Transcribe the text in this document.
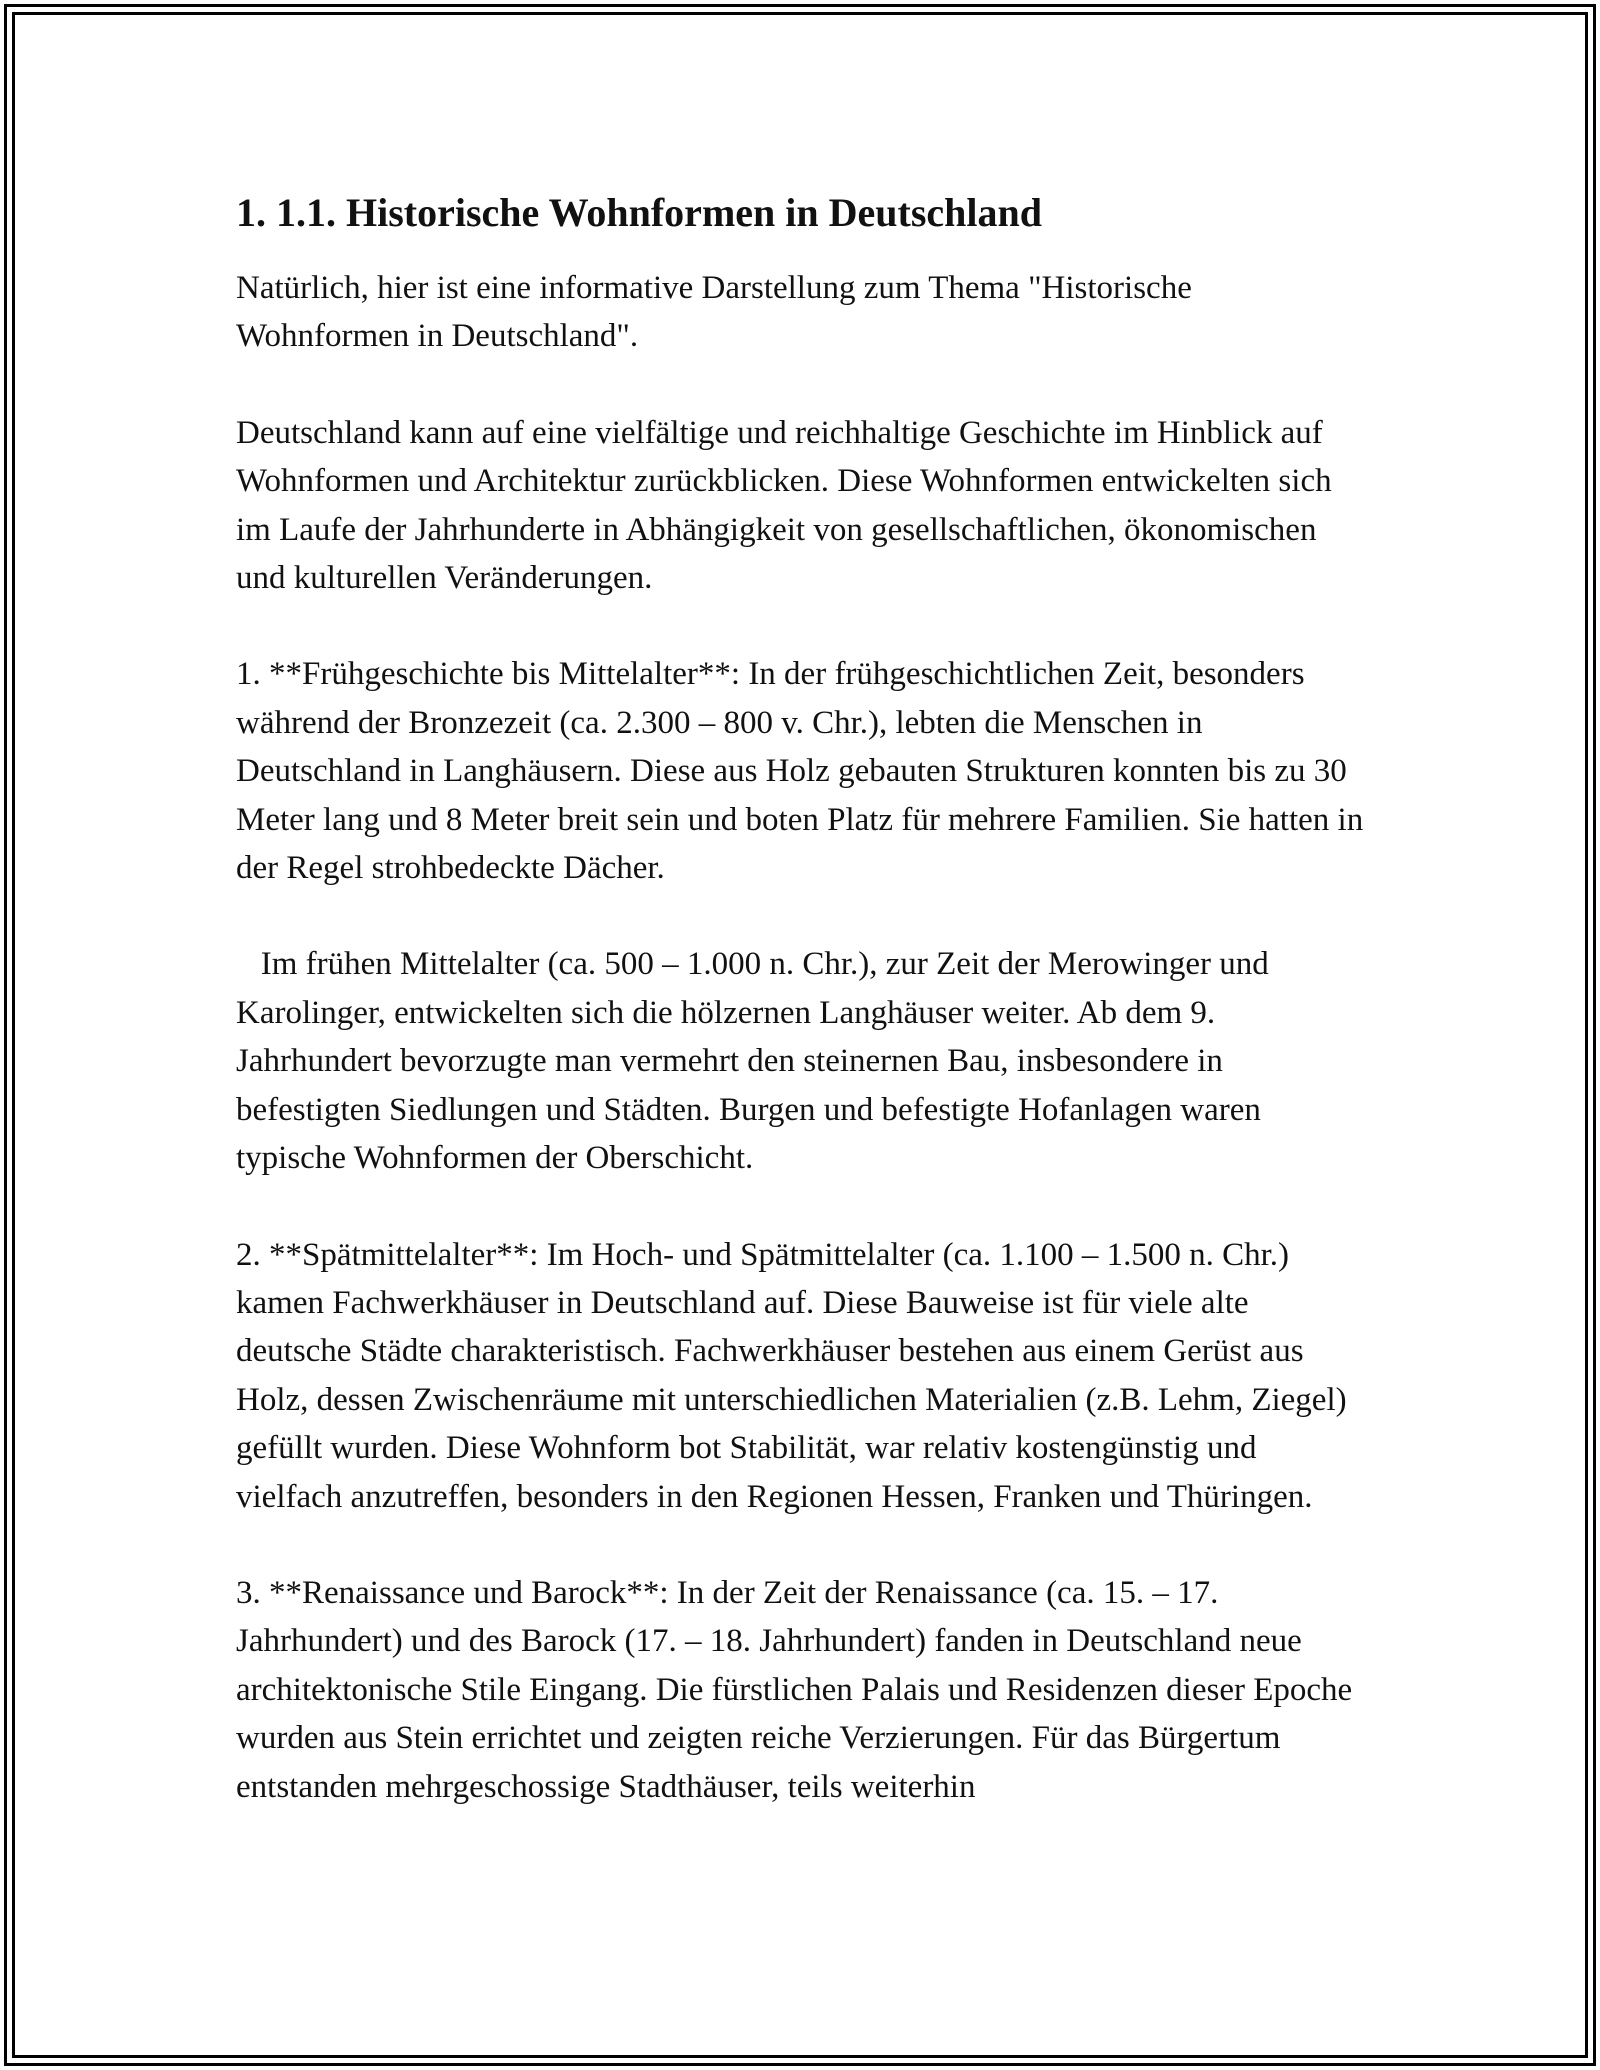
1. 1.1. Historische Wohnformen in Deutschland

Natürlich, hier ist eine informative Darstellung zum Thema "Historische Wohnformen in Deutschland".

Deutschland kann auf eine vielfältige und reichhaltige Geschichte im Hinblick auf Wohnformen und Architektur zurückblicken. Diese Wohnformen entwickelten sich im Laufe der Jahrhunderte in Abhängigkeit von gesellschaftlichen, ökonomischen und kulturellen Veränderungen.

1. **Frühgeschichte bis Mittelalter**: In der frühgeschichtlichen Zeit, besonders während der Bronzezeit (ca. 2.300 – 800 v. Chr.), lebten die Menschen in Deutschland in Langhäusern. Diese aus Holz gebauten Strukturen konnten bis zu 30 Meter lang und 8 Meter breit sein und boten Platz für mehrere Familien. Sie hatten in der Regel strohbedeckte Dächer.

Im frühen Mittelalter (ca. 500 – 1.000 n. Chr.), zur Zeit der Merowinger und Karolinger, entwickelten sich die hölzernen Langhäuser weiter. Ab dem 9. Jahrhundert bevorzugte man vermehrt den steinernen Bau, insbesondere in befestigten Siedlungen und Städten. Burgen und befestigte Hofanlagen waren typische Wohnformen der Oberschicht.

2. **Spätmittelalter**: Im Hoch- und Spätmittelalter (ca. 1.100 – 1.500 n. Chr.) kamen Fachwerkhäuser in Deutschland auf. Diese Bauweise ist für viele alte deutsche Städte charakteristisch. Fachwerkhäuser bestehen aus einem Gerüst aus Holz, dessen Zwischenräume mit unterschiedlichen Materialien (z.B. Lehm, Ziegel) gefüllt wurden. Diese Wohnform bot Stabilität, war relativ kostengünstig und vielfach anzutreffen, besonders in den Regionen Hessen, Franken und Thüringen.

3. **Renaissance und Barock**: In der Zeit der Renaissance (ca. 15. – 17. Jahrhundert) und des Barock (17. – 18. Jahrhundert) fanden in Deutschland neue architektonische Stile Eingang. Die fürstlichen Palais und Residenzen dieser Epoche wurden aus Stein errichtet und zeigten reiche Verzierungen. Für das Bürgertum entstanden mehrgeschossige Stadthäuser, teils weiterhin
